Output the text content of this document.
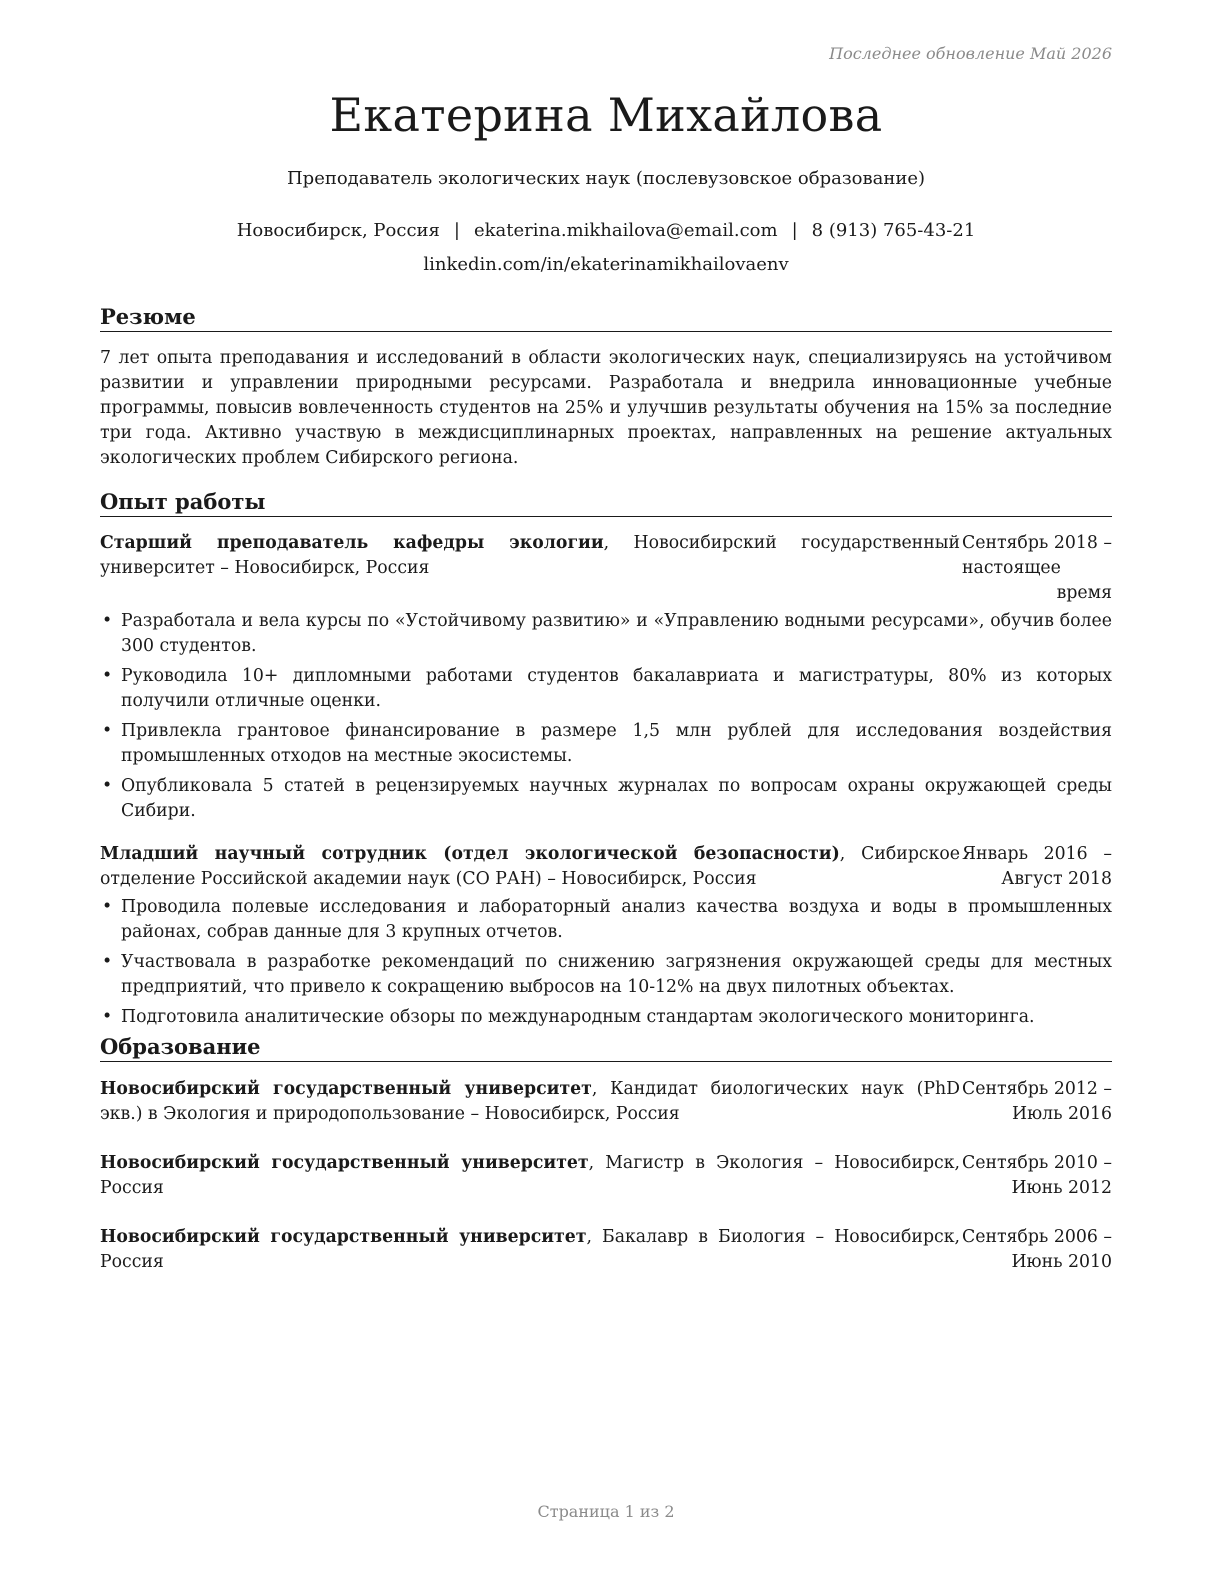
Последнее обновление Май 2026
Екатерина Михайлова
Преподаватель экологических наук (послевузовское образование)
Новосибирск, Россия | ekaterina.mikhailova@email.com | 8 (913) 765-43-21
linkedin.com/in/ekaterinamikhailovaenv
Резюме

7 лет опыта преподавания и исследований в области экологических наук, специализируясь на устойчивом развитии и управлении природными ресурсами. Разработала и внедрила инновационные учебные программы, повысив вовлеченность студентов на 25% и улучшив результаты обучения на 15% за последние три года. Активно участвую в междисциплинарных проектах, направленных на решение актуальных экологических проблем Сибирского региона.

Опыт работы
Старший преподаватель кафедры экологии, Новосибирский государственный университет – Новосибирск, Россия
Сентябрь 2018 – настоящее время
• Разработала и вела курсы по «Устойчивому развитию» и «Управлению водными ресурсами», обучив более 300 студентов.
• Руководила 10+ дипломными работами студентов бакалавриата и магистратуры, 80% из которых получили отличные оценки.
• Привлекла грантовое финансирование в размере 1,5 млн рублей для исследования воздействия промышленных отходов на местные экосистемы.
• Опубликовала 5 статей в рецензируемых научных журналах по вопросам охраны окружающей среды Сибири.
Младший научный сотрудник (отдел экологической безопасности), Сибирское отделение Российской академии наук (СО РАН) – Новосибирск, Россия
Январь 2016 – Август 2018
• Проводила полевые исследования и лабораторный анализ качества воздуха и воды в промышленных районах, собрав данные для 3 крупных отчетов.
• Участвовала в разработке рекомендаций по снижению загрязнения окружающей среды для местных предприятий, что привело к сокращению выбросов на 10-12% на двух пилотных объектах.
• Подготовила аналитические обзоры по международным стандартам экологического мониторинга.
Образование
Новосибирский государственный университет, Кандидат биологических наук (PhD экв.) в Экология и природопользование – Новосибирск, Россия
Сентябрь 2012 – Июль 2016
Новосибирский государственный университет, Магистр в Экология – Новосибирск, Россия
Сентябрь 2010 – Июнь 2012
Новосибирский государственный университет, Бакалавр в Биология – Новосибирск, Россия
Сентябрь 2006 – Июнь 2010
Страница 1 из 2
